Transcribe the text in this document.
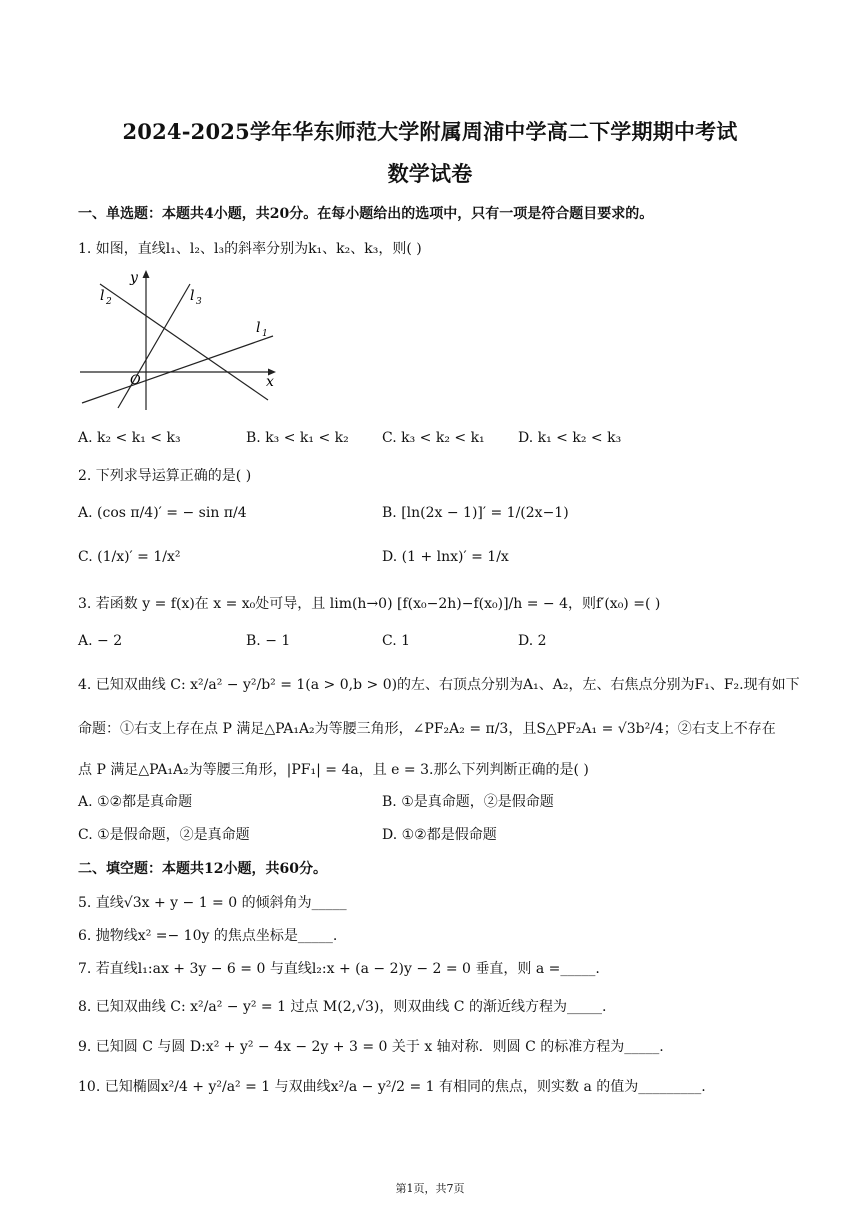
2024-2025学年华东师范大学附属周浦中学高二下学期期中考试
数学试卷
一、单选题：本题共4小题，共20分。在每小题给出的选项中，只有一项是符合题目要求的。
1. 如图，直线l₁、l₂、l₃的斜率分别为k₁、k₂、k₃，则( )
y
x
O
l 1
l 2	l 3
A. k₂ < k₁ < k₃	B. k₃ < k₁ < k₂ C. k₃ < k₂ < k₁ D. k₁ < k₂ < k₃
2. 下列求导运算正确的是( )
A. (cos π/4)′ = − sin π/4	B. [ln(2x − 1)]′ = 1/(2x−1)
C. (1/x)′ = 1/x²	D. (1 + lnx)′ = 1/x
3. 若函数 y = f(x)在 x = x₀处可导，且 lim(h→0) [f(x₀−2h)−f(x₀)]/h = − 4，则f′(x₀) =( )
A. − 2	B. − 1	C. 1	D. 2
4. 已知双曲线 C: x²/a² − y²/b² = 1(a > 0,b > 0)的左、右顶点分别为A₁、A₂，左、右焦点分别为F₁、F₂.现有如下
命题：①右支上存在点 P 满足△PA₁A₂为等腰三角形，∠PF₂A₂ = π/3，且S△PF₂A₁ = √3b²/4；②右支上不存在
点 P 满足△PA₁A₂为等腰三角形，|PF₁| = 4a，且 e = 3.那么下列判断正确的是( )
A. ①②都是真命题	B. ①是真命题，②是假命题
C. ①是假命题，②是真命题	D. ①②都是假命题
二、填空题：本题共12小题，共60分。
5. 直线√3x + y − 1 = 0 的倾斜角为_____
6. 抛物线x² =− 10y 的焦点坐标是_____.
7. 若直线l₁:ax + 3y − 6 = 0 与直线l₂:x + (a − 2)y − 2 = 0 垂直，则 a =_____.
8. 已知双曲线 C: x²/a² − y² = 1 过点 M(2,√3)，则双曲线 C 的渐近线方程为_____.
9. 已知圆 C 与圆 D:x² + y² − 4x − 2y + 3 = 0 关于 x 轴对称．则圆 C 的标准方程为_____.
10. 已知椭圆x²/4 + y²/a² = 1 与双曲线x²/a − y²/2 = 1 有相同的焦点，则实数 a 的值为_________.
第1页，共7页
